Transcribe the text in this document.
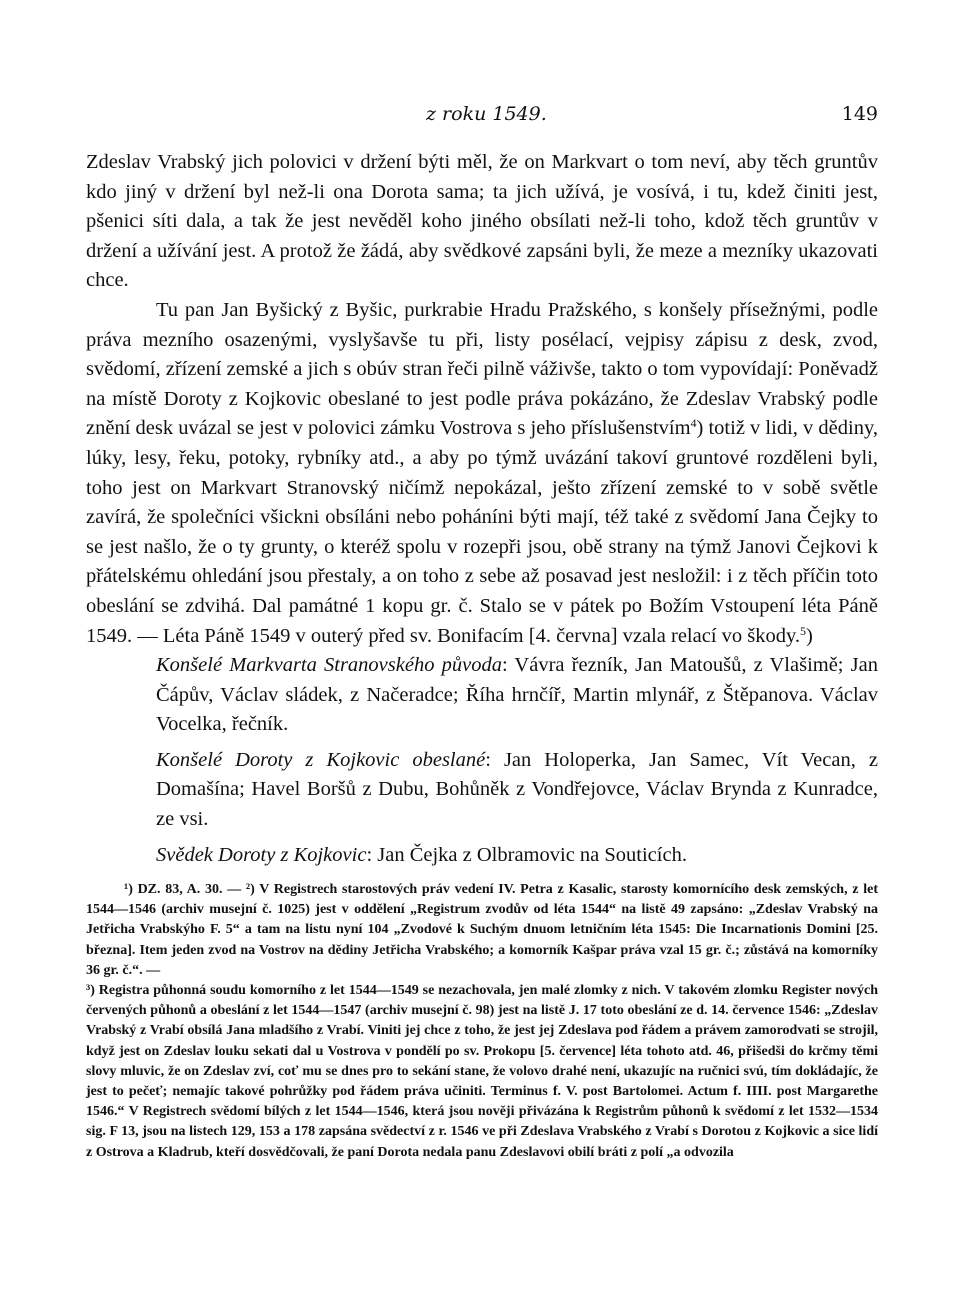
z roku 1549.	149

Zdeslav Vrabský jich polovici v držení býti měl, že on Markvart o tom neví, aby těch gruntův kdo jiný v držení byl než-li ona Dorota sama; ta jich užívá, je vosívá, i tu, kdež činiti jest, pšenici síti dala, a tak že jest nevěděl koho jiného obsílati než-li toho, kdož těch gruntův v držení a užívání jest. A protož že žádá, aby svědkové zapsáni byli, že meze a mezníky ukazovati chce.

Tu pan Jan Byšický z Byšic, purkrabie Hradu Pražského, s konšely přísežnými, podle práva mezního osazenými, vyslyšavše tu při, listy posélací, vejpisy zápisu z desk, zvod, svědomí, zřízení zemské a jich s obúv stran řeči pilně váživše, takto o tom vypovídají: Poněvadž na místě Doroty z Kojkovic obeslané to jest podle práva pokázáno, že Zdeslav Vrabský podle znění desk uvázal se jest v polovici zámku Vostrova s jeho příslušenstvím$^4$) totiž v lidi, v dědiny, lúky, lesy, řeku, potoky, rybníky atd., a aby po týmž uvázání takoví gruntové rozděleni byli, toho jest on Markvart Stranovský ničímž nepokázal, ješto zřízení zemské to v sobě světle zavírá, že společníci všickni obsíláni nebo poháníni býti mají, též také z svědomí Jana Čejky to se jest našlo, že o ty grunty, o kteréž spolu v rozepři jsou, obě strany na týmž Janovi Čejkovi k přátelskému ohledání jsou přestaly, a on toho z sebe až posavad jest nesložil: i z těch příčin toto obeslání se zdvihá. Dal památné 1 kopu gr. č. Stalo se v pátek po Božím Vstoupení léta Páně 1549. — Léta Páně 1549 v outerý před sv. Bonifacím [4. června] vzala relací vo škody.$^5$)

Konšelé Markvarta Stranovského původa: Vávra řezník, Jan Matoušů, z Vlašimě; Jan Čápův, Václav sládek, z Načeradce; Říha hrnčíř, Martin mlynář, z Štěpanova. Václav Vocelka, řečník.

Konšelé Doroty z Kojkovic obeslané: Jan Holoperka, Jan Samec, Vít Vecan, z Domašína; Havel Boršů z Dubu, Bohůněk z Vondřejovce, Václav Brynda z Kunradce, ze vsi.

Svědek Doroty z Kojkovic: Jan Čejka z Olbramovic na Souticích.

¹) DZ. 83, A. 30. — ²) V Registrech starostových práv vedení IV. Petra z Kasalic, starosty komornícího desk zemských, z let 1544—1546 (archiv musejní č. 1025) jest v oddělení „Registrum zvodův od léta 1544“ na listě 49 zapsáno: „Zdeslav Vrabský na Jetřicha Vrabskýho F. 5“ a tam na listu nyní 104 „Zvodové k Suchým dnuom letničním léta 1545: Die Incarnationis Domini [25. března]. Item jeden zvod na Vostrov na dědiny Jetřicha Vrabského; a komorník Kašpar práva vzal 15 gr. č.; zůstává na komorníky 36 gr. č.“. —

³) Registra půhonná soudu komorního z let 1544—1549 se nezachovala, jen malé zlomky z nich. V takovém zlomku Register nových červených půhonů a obeslání z let 1544—1547 (archiv musejní č. 98) jest na listě J. 17 toto obeslání ze d. 14. července 1546: „Zdeslav Vrabský z Vrabí obsílá Jana mladšího z Vrabí. Viniti jej chce z toho, že jest jej Zdeslava pod řádem a právem zamorodvati se strojil, když jest on Zdeslav louku sekati dal u Vostrova v pondělí po sv. Prokopu [5. července] léta tohoto atd. 46, přišedši do krčmy těmi slovy mluvic, že on Zdeslav zví, coť mu se dnes pro to sekání stane, že volovo drahé není, ukazujíc na ručnici svú, tím dokládajíc, že jest to pečeť; nemajíc takové pohrůžky pod řádem práva učiniti. Terminus f. V. post Bartolomei. Actum f. IIII. post Margarethe 1546.“ V Registrech svědomí bílých z let 1544—1546, která jsou nověji přivázána k Registrům půhonů k svědomí z let 1532—1534 sig. F 13, jsou na listech 129, 153 a 178 zapsána svědectví z r. 1546 ve při Zdeslava Vrabského z Vrabí s Dorotou z Kojkovic a sice lidí z Ostrova a Kladrub, kteří dosvědčovali, že paní Dorota nedala panu Zdeslavovi obilí bráti z polí „a odvozila
